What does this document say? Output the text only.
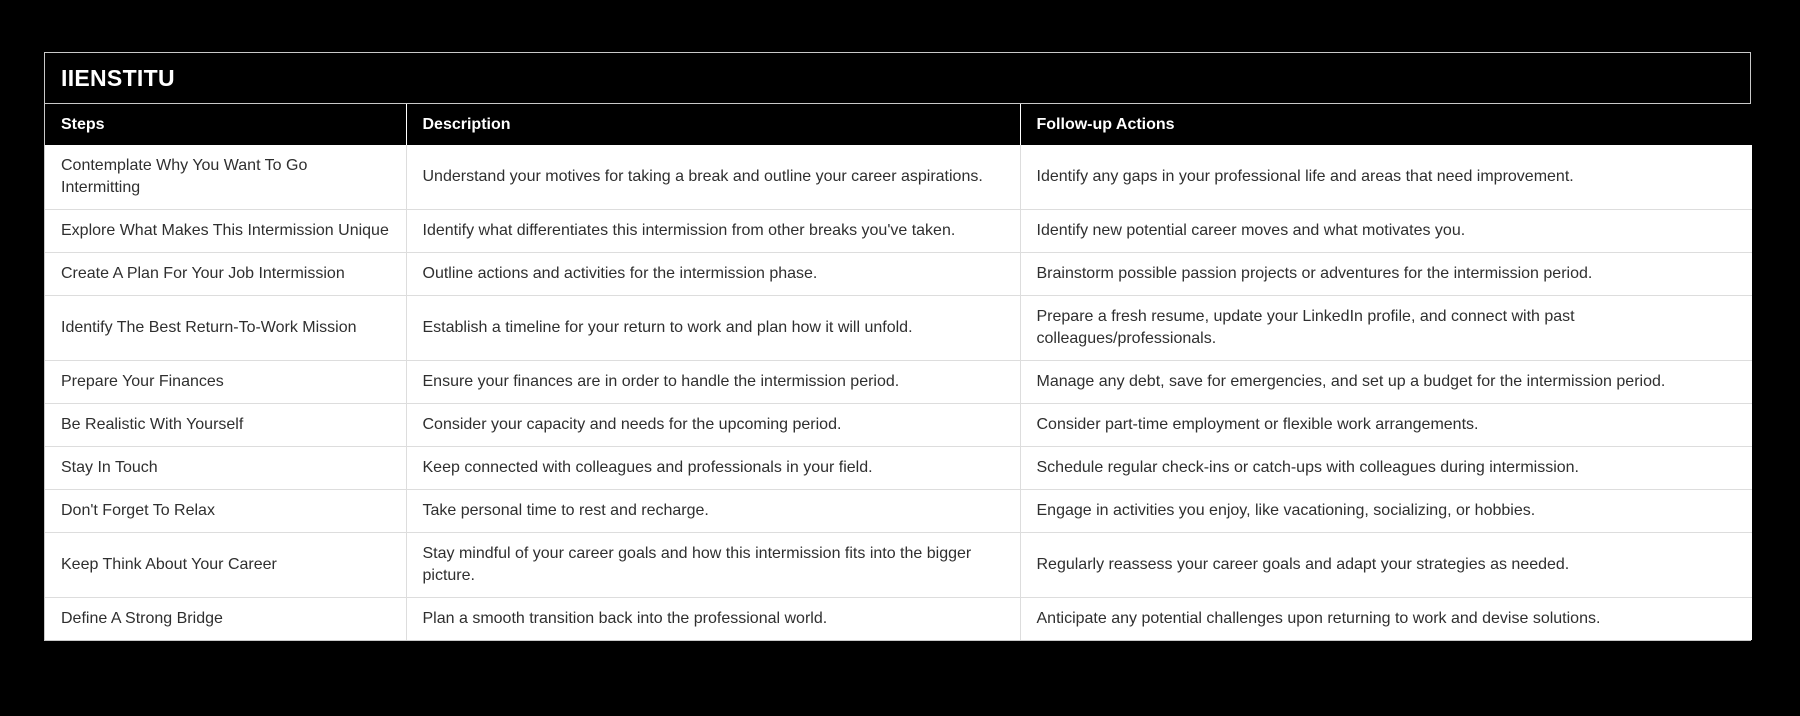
IIENSTITU
Steps	Description	Follow-up Actions
Contemplate Why You Want To Go Intermitting	Understand your motives for taking a break and outline your career aspirations.	Identify any gaps in your professional life and areas that need improvement.
Explore What Makes This Intermission Unique	Identify what differentiates this intermission from other breaks you've taken.	Identify new potential career moves and what motivates you.
Create A Plan For Your Job Intermission	Outline actions and activities for the intermission phase.	Brainstorm possible passion projects or adventures for the intermission period.
Identify The Best Return-To-Work Mission	Establish a timeline for your return to work and plan how it will unfold.	Prepare a fresh resume, update your LinkedIn profile, and connect with past colleagues/professionals.
Prepare Your Finances	Ensure your finances are in order to handle the intermission period.	Manage any debt, save for emergencies, and set up a budget for the intermission period.
Be Realistic With Yourself	Consider your capacity and needs for the upcoming period.	Consider part-time employment or flexible work arrangements.
Stay In Touch	Keep connected with colleagues and professionals in your field.	Schedule regular check-ins or catch-ups with colleagues during intermission.
Don't Forget To Relax	Take personal time to rest and recharge.	Engage in activities you enjoy, like vacationing, socializing, or hobbies.
Keep Think About Your Career	Stay mindful of your career goals and how this intermission fits into the bigger picture.	Regularly reassess your career goals and adapt your strategies as needed.
Define A Strong Bridge	Plan a smooth transition back into the professional world.	Anticipate any potential challenges upon returning to work and devise solutions.
